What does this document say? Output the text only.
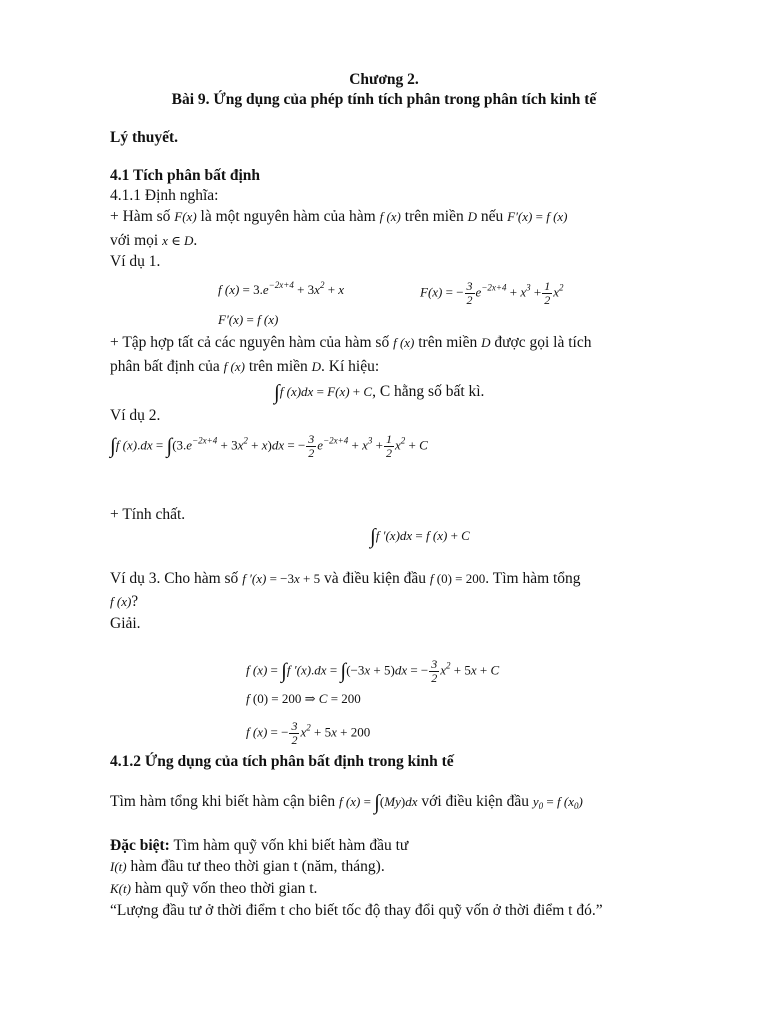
Chương 2.
Bài 9. Ứng dụng của phép tính tích phân trong phân tích kinh tế
Lý thuyết.
4.1 Tích phân bất định
4.1.1 Định nghĩa:
+ Hàm số F(x) là một nguyên hàm của hàm f (x) trên miền D nếu F′(x) = f (x)
với mọi x ∈ D.
Ví dụ 1.
f $(x) = 3.e^{-2x+4} + 3x^2 + x$	F(x) = − $\frac{3}{2} e^{-2x+4} + x^3 + \frac{1}{2} x^2$
F′(x) = f (x)
+ Tập hợp tất cả các nguyên hàm của hàm số f (x) trên miền D được gọi là tích
phân bất định của f (x) trên miền D. Kí hiệu:
∫f (x)dx = F(x) + C, C hằng số bất kì.
Ví dụ 2.
∫f $(x).dx = \int(3.e^{-2x+4} + 3x^2 + x)dx$ = − $\frac{3}{2} e^{-2x+4} + x^3 + \frac{1}{2} x^2 + C$
+ Tính chất.
∫f ′(x)dx = f (x) + C
Ví dụ 3. Cho hàm số f ′(x) = −3x + 5 và điều kiện đầu f (0) = 200. Tìm hàm tổng
f (x)?
Giải.
f (x) = ∫f ′(x).dx = ∫(−3x + 5)dx = − $\frac{3}{2} x^2 + 5x + C$
f (0) = 200 ⇒ C = 200
f (x) = − $\frac{3}{2} x^2 + 5x + 200$
4.1.2 Ứng dụng của tích phân bất định trong kinh tế
Tìm hàm tổng khi biết hàm cận biên f (x) = ∫(My)dx với điều kiện đầu $y_0 = f$ $(x_0)$
Đặc biệt: Tìm hàm quỹ vốn khi biết hàm đầu tư
I(t) hàm đầu tư theo thời gian t (năm, tháng).
K(t) hàm quỹ vốn theo thời gian t.
“Lượng đầu tư ở thời điểm t cho biết tốc độ thay đổi quỹ vốn ở thời điểm t đó.”
